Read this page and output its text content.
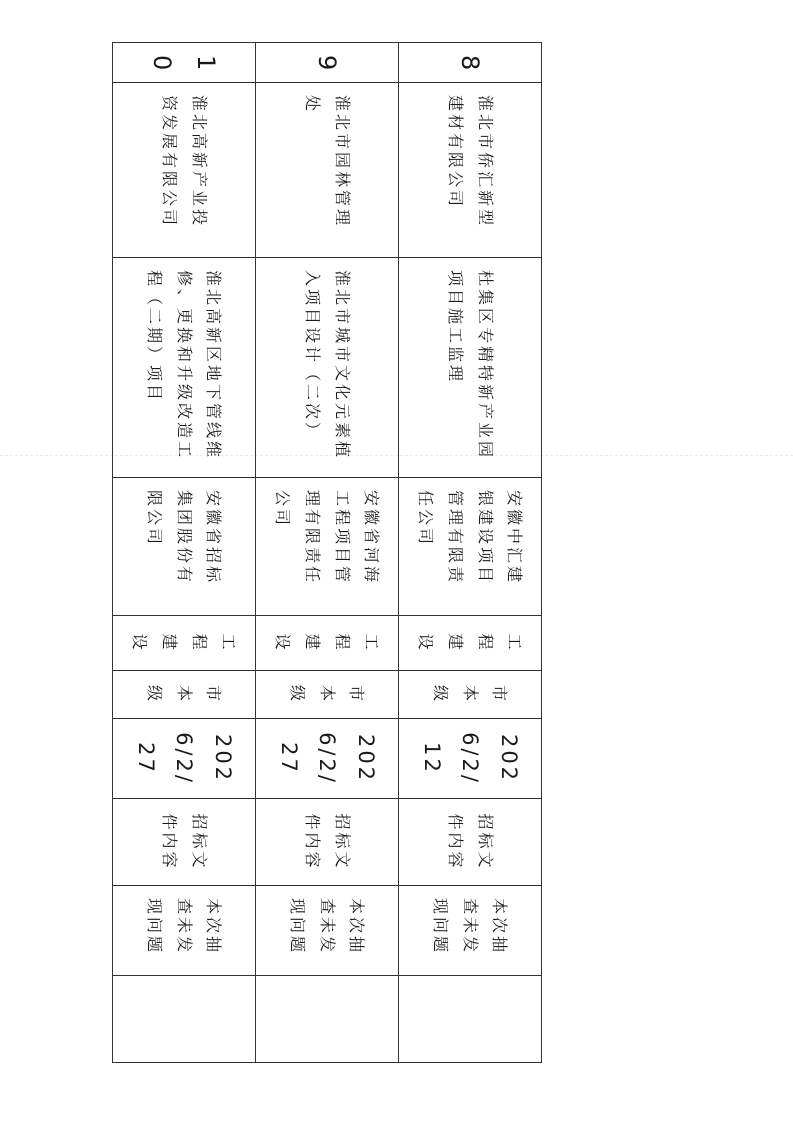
8	淮北市侨汇新型建材有限公司	杜集区专精特新产业园项目施工监理	安徽中汇建银建设项目管理有限责任公司	工程建设	市本级	2026/2/12	招标文件内容	本次抽查未发现问题	
9	淮北市园林管理处	淮北市城市文化元素植入项目设计（二次）	安徽省河海工程项目管理有限责任公司	工程建设	市本级	2026/2/27	招标文件内容	本次抽查未发现问题	
10	淮北高新产业投资发展有限公司	淮北高新区地下管线维修、更换和升级改造工程（二期）项目	安徽省招标集团股份有限公司	工程建设	市本级	2026/2/27	招标文件内容	本次抽查未发现问题	
